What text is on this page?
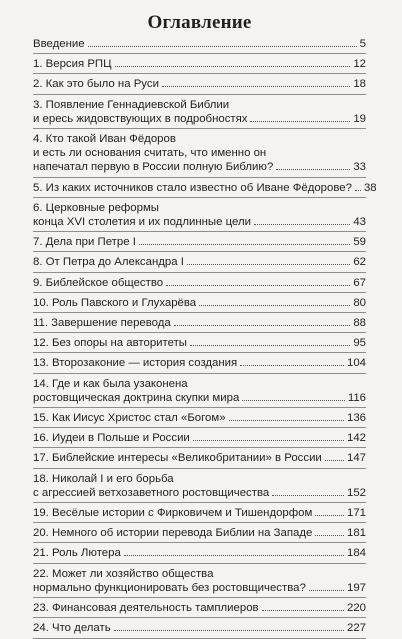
Оглавление
Введение	5
1. Версия РПЦ	12
2. Как это было на Руси	18
3. Появление Геннадиевской Библии
и ересь жидовствующих в подробностях	19
4. Кто такой Иван Фёдоров
и есть ли основания считать, что именно он
напечатал первую в России полную Библию?	33
5. Из каких источников стало известно об Иване Фёдорове? 38
6. Церковные реформы
конца XVI столетия и их подлинные цели	43
7. Дела при Петре I	59
8. От Петра до Александра I	62
9. Библейское общество	67
10. Роль Павского и Глухарёва	80
11. Завершение перевода	88
12. Без опоры на авторитеты	95
13. Второзаконие — история создания	104
14. Где и как была узаконена
ростовщическая доктрина скупки мира	116
15. Как Иисус Христос стал «Богом»	136
16. Иудеи в Польше и России	142
17. Библейские интересы «Великобритании» в России 147
18. Николай I и его борьба
с агрессией ветхозаветного ростовщичества	152
19. Весёлые истории с Фирковичем и Тишендорфом	171
20. Немного об истории перевода Библии на Западе	181
21. Роль Лютера	184
22. Может ли хозяйство общества
нормально функционировать без ростовщичества?	197
23. Финансовая деятельность тамплиеров	220
24. Что делать	227
